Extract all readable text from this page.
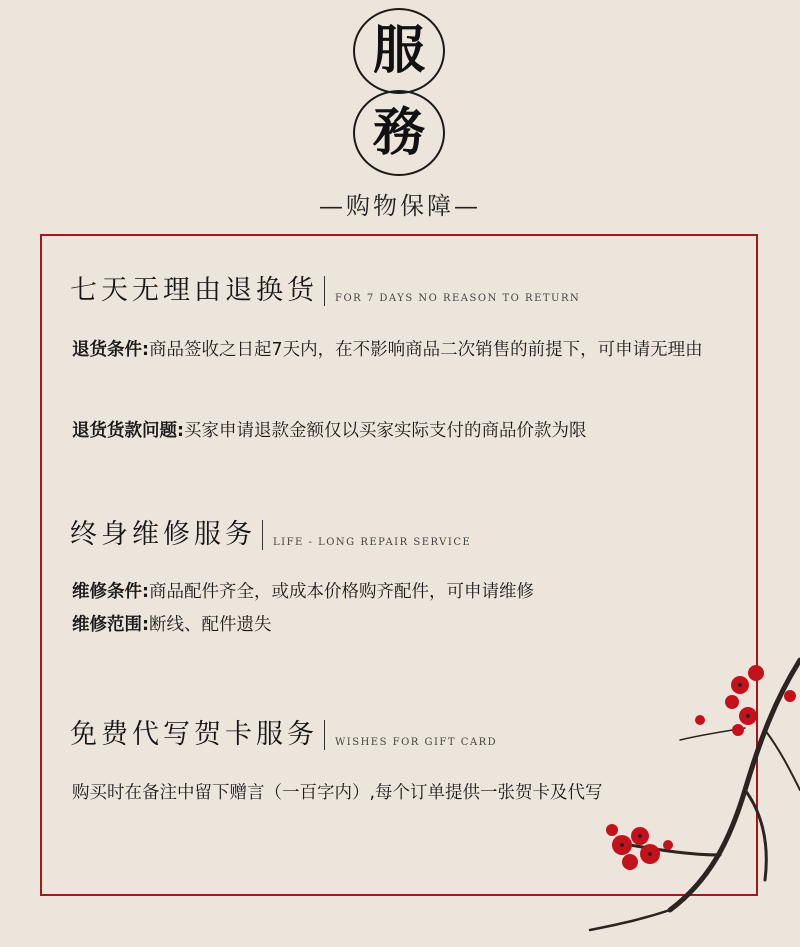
服
務
—购物保障—
七天无理由退换货 FOR 7 DAYS NO REASON TO RETURN
退货条件: 商品签收之日起7天内，在不影响商品二次销售的前提下，可申请无理由
退货货款问题: 买家申请退款金额仅以买家实际支付的商品价款为限
终身维修服务 LIFE - LONG REPAIR SERVICE
维修条件: 商品配件齐全，或成本价格购齐配件，可申请维修
维修范围: 断线、配件遗失
免费代写贺卡服务 WISHES FOR GIFT CARD
购买时在备注中留下赠言（一百字内）,每个订单提供一张贺卡及代写
